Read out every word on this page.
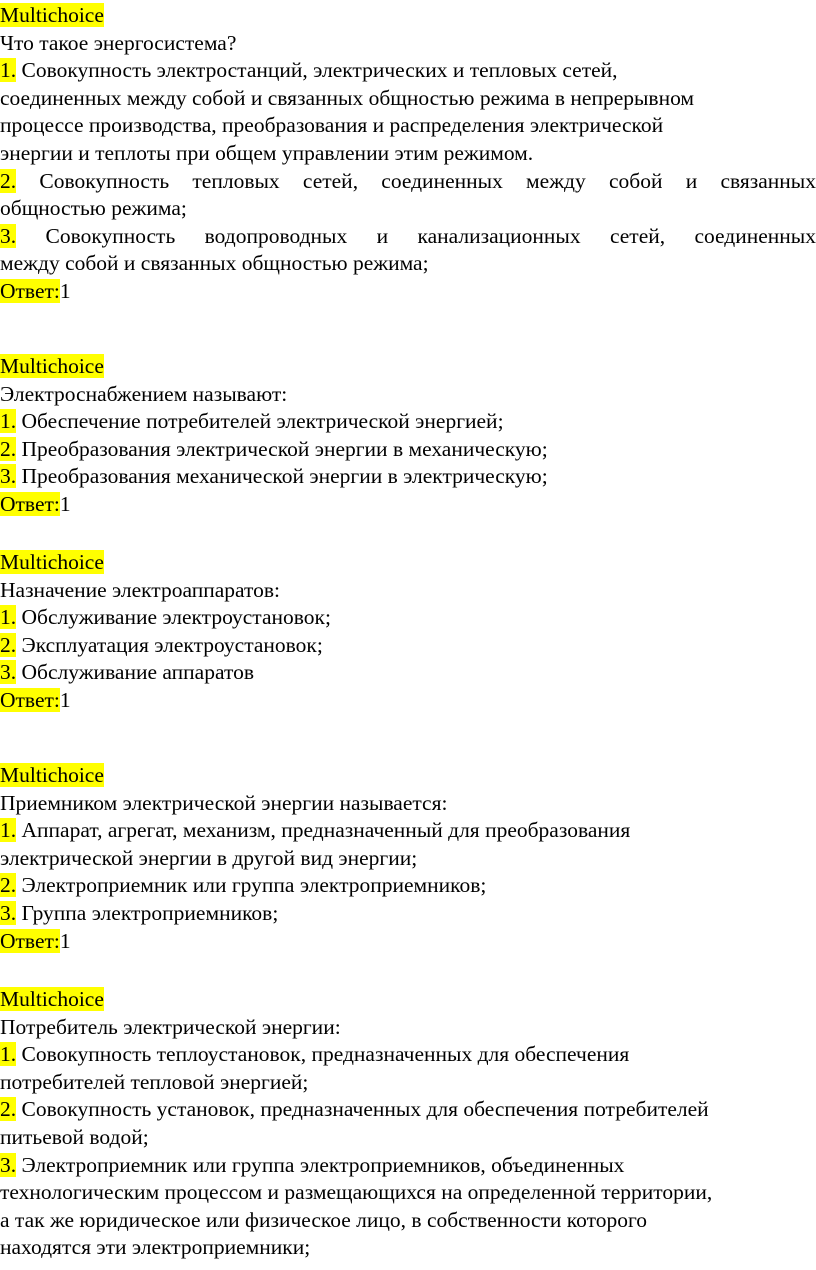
Multichoice
Что такое энергосистема?
1. Совокупность электростанций, электрических и тепловых сетей,
соединенных между собой и связанных общностью режима в непрерывном
процессе производства, преобразования и распределения электрической
энергии и теплоты при общем управлении этим режимом.
2. Совокупность тепловых сетей, соединенных между собой и связанных
общностью режима;
3. Совокупность водопроводных и канализационных сетей, соединенных
между собой и связанных общностью режима;
Ответ:1
Multichoice
Электроснабжением называют:
1. Обеспечение потребителей электрической энергией;
2. Преобразования электрической энергии в механическую;
3. Преобразования механической энергии в электрическую;
Ответ:1
Multichoice
Назначение электроаппаратов:
1. Обслуживание электроустановок;
2. Эксплуатация электроустановок;
3. Обслуживание аппаратов
Ответ:1
Multichoice
Приемником электрической энергии называется:
1. Аппарат, агрегат, механизм, предназначенный для преобразования
электрической энергии в другой вид энергии;
2. Электроприемник или группа электроприемников;
3. Группа электроприемников;
Ответ:1
Multichoice
Потребитель электрической энергии:
1. Совокупность теплоустановок, предназначенных для обеспечения
потребителей тепловой энергией;
2. Совокупность установок, предназначенных для обеспечения потребителей
питьевой водой;
3. Электроприемник или группа электроприемников, объединенных
технологическим процессом и размещающихся на определенной территории,
а так же юридическое или физическое лицо, в собственности которого
находятся эти электроприемники;
